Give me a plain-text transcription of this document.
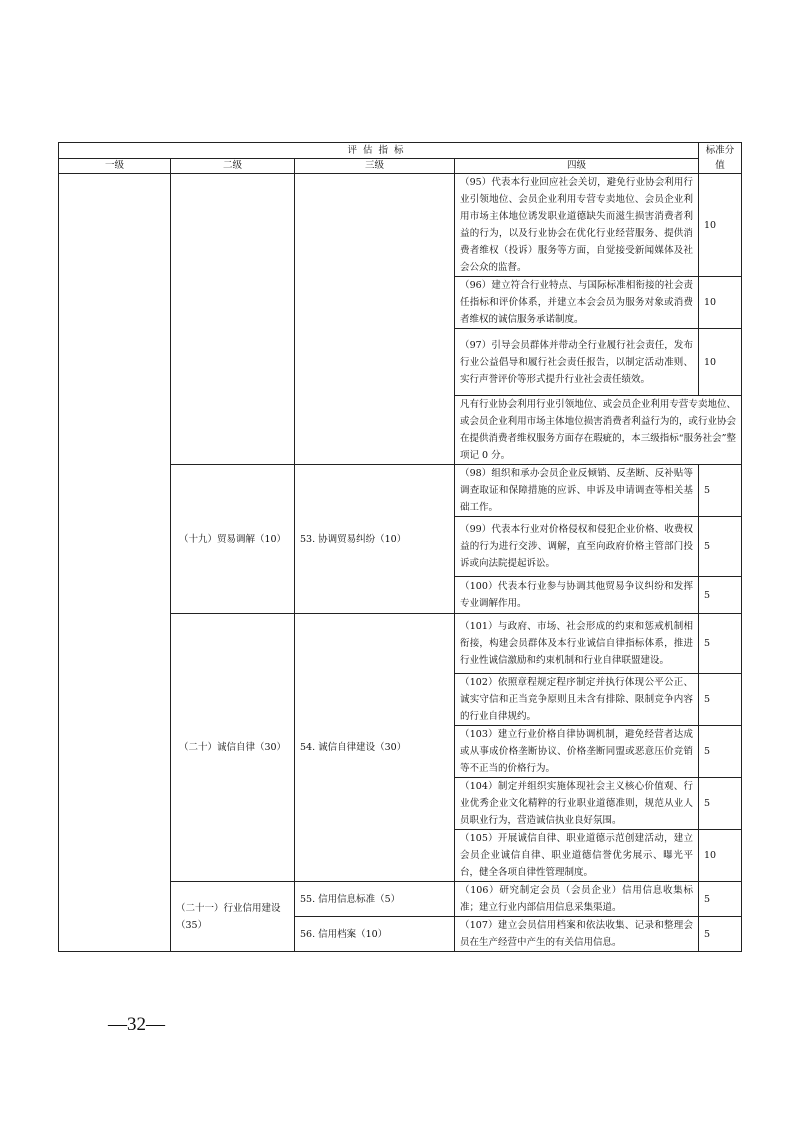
评估指标				标准分值
一级	二级	三级	四级	
			（95）代表本行业回应社会关切，避免行业协会利用行业引领地位、会员企业利用专营专卖地位、会员企业利用市场主体地位诱发职业道德缺失而滋生损害消费者利益的行为，以及行业协会在优化行业经营服务、提供消费者维权（投诉）服务等方面，自觉接受新闻媒体及社会公众的监督。	10
			（96）建立符合行业特点、与国际标准相衔接的社会责任指标和评价体系，并建立本会会员为服务对象或消费者维权的诚信服务承诺制度。	10
			（97）引导会员群体并带动全行业履行社会责任，发布行业公益倡导和履行社会责任报告，以制定活动准则、实行声誉评价等形式提升行业社会责任绩效。	10
			凡有行业协会利用行业引领地位、或会员企业利用专营专卖地位、或会员企业利用市场主体地位损害消费者利益行为的，或行业协会在提供消费者维权服务方面存在瑕疵的，本三级指标“服务社会”整项记 0 分。	
	（十九）贸易调解（10）	53. 协调贸易纠纷（10）	（98）组织和承办会员企业反倾销、反垄断、反补贴等调查取证和保障措施的应诉、申诉及申请调查等相关基础工作。	5
			（99）代表本行业对价格侵权和侵犯企业价格、收费权益的行为进行交涉、调解，直至向政府价格主管部门投诉或向法院提起诉讼。	5
			（100）代表本行业参与协调其他贸易争议纠纷和发挥专业调解作用。	5
	（二十）诚信自律（30）	54. 诚信自律建设（30）	（101）与政府、市场、社会形成的约束和惩戒机制相衔接，构建会员群体及本行业诚信自律指标体系，推进行业性诚信激励和约束机制和行业自律联盟建设。	5
			（102）依照章程规定程序制定并执行体现公平公正、诚实守信和正当竞争原则且未含有排除、限制竞争内容的行业自律规约。	5
			（103）建立行业价格自律协调机制，避免经营者达成或从事成价格垄断协议、价格垄断同盟或恶意压价竞销等不正当的价格行为。	5
			（104）制定并组织实施体现社会主义核心价值观、行业优秀企业文化精粹的行业职业道德准则，规范从业人员职业行为，营造诚信执业良好氛围。	5
			（105）开展诚信自律、职业道德示范创建活动，建立会员企业诚信自律、职业道德信誉优劣展示、曝光平台，健全各项自律性管理制度。	10
	（二十一）行业信用建设（35）	55. 信用信息标准（5）	（106）研究制定会员（会员企业）信用信息收集标准；建立行业内部信用信息采集渠道。	5
		56. 信用档案（10）	（107）建立会员信用档案和依法收集、记录和整理会员在生产经营中产生的有关信用信息。	5
—32—
